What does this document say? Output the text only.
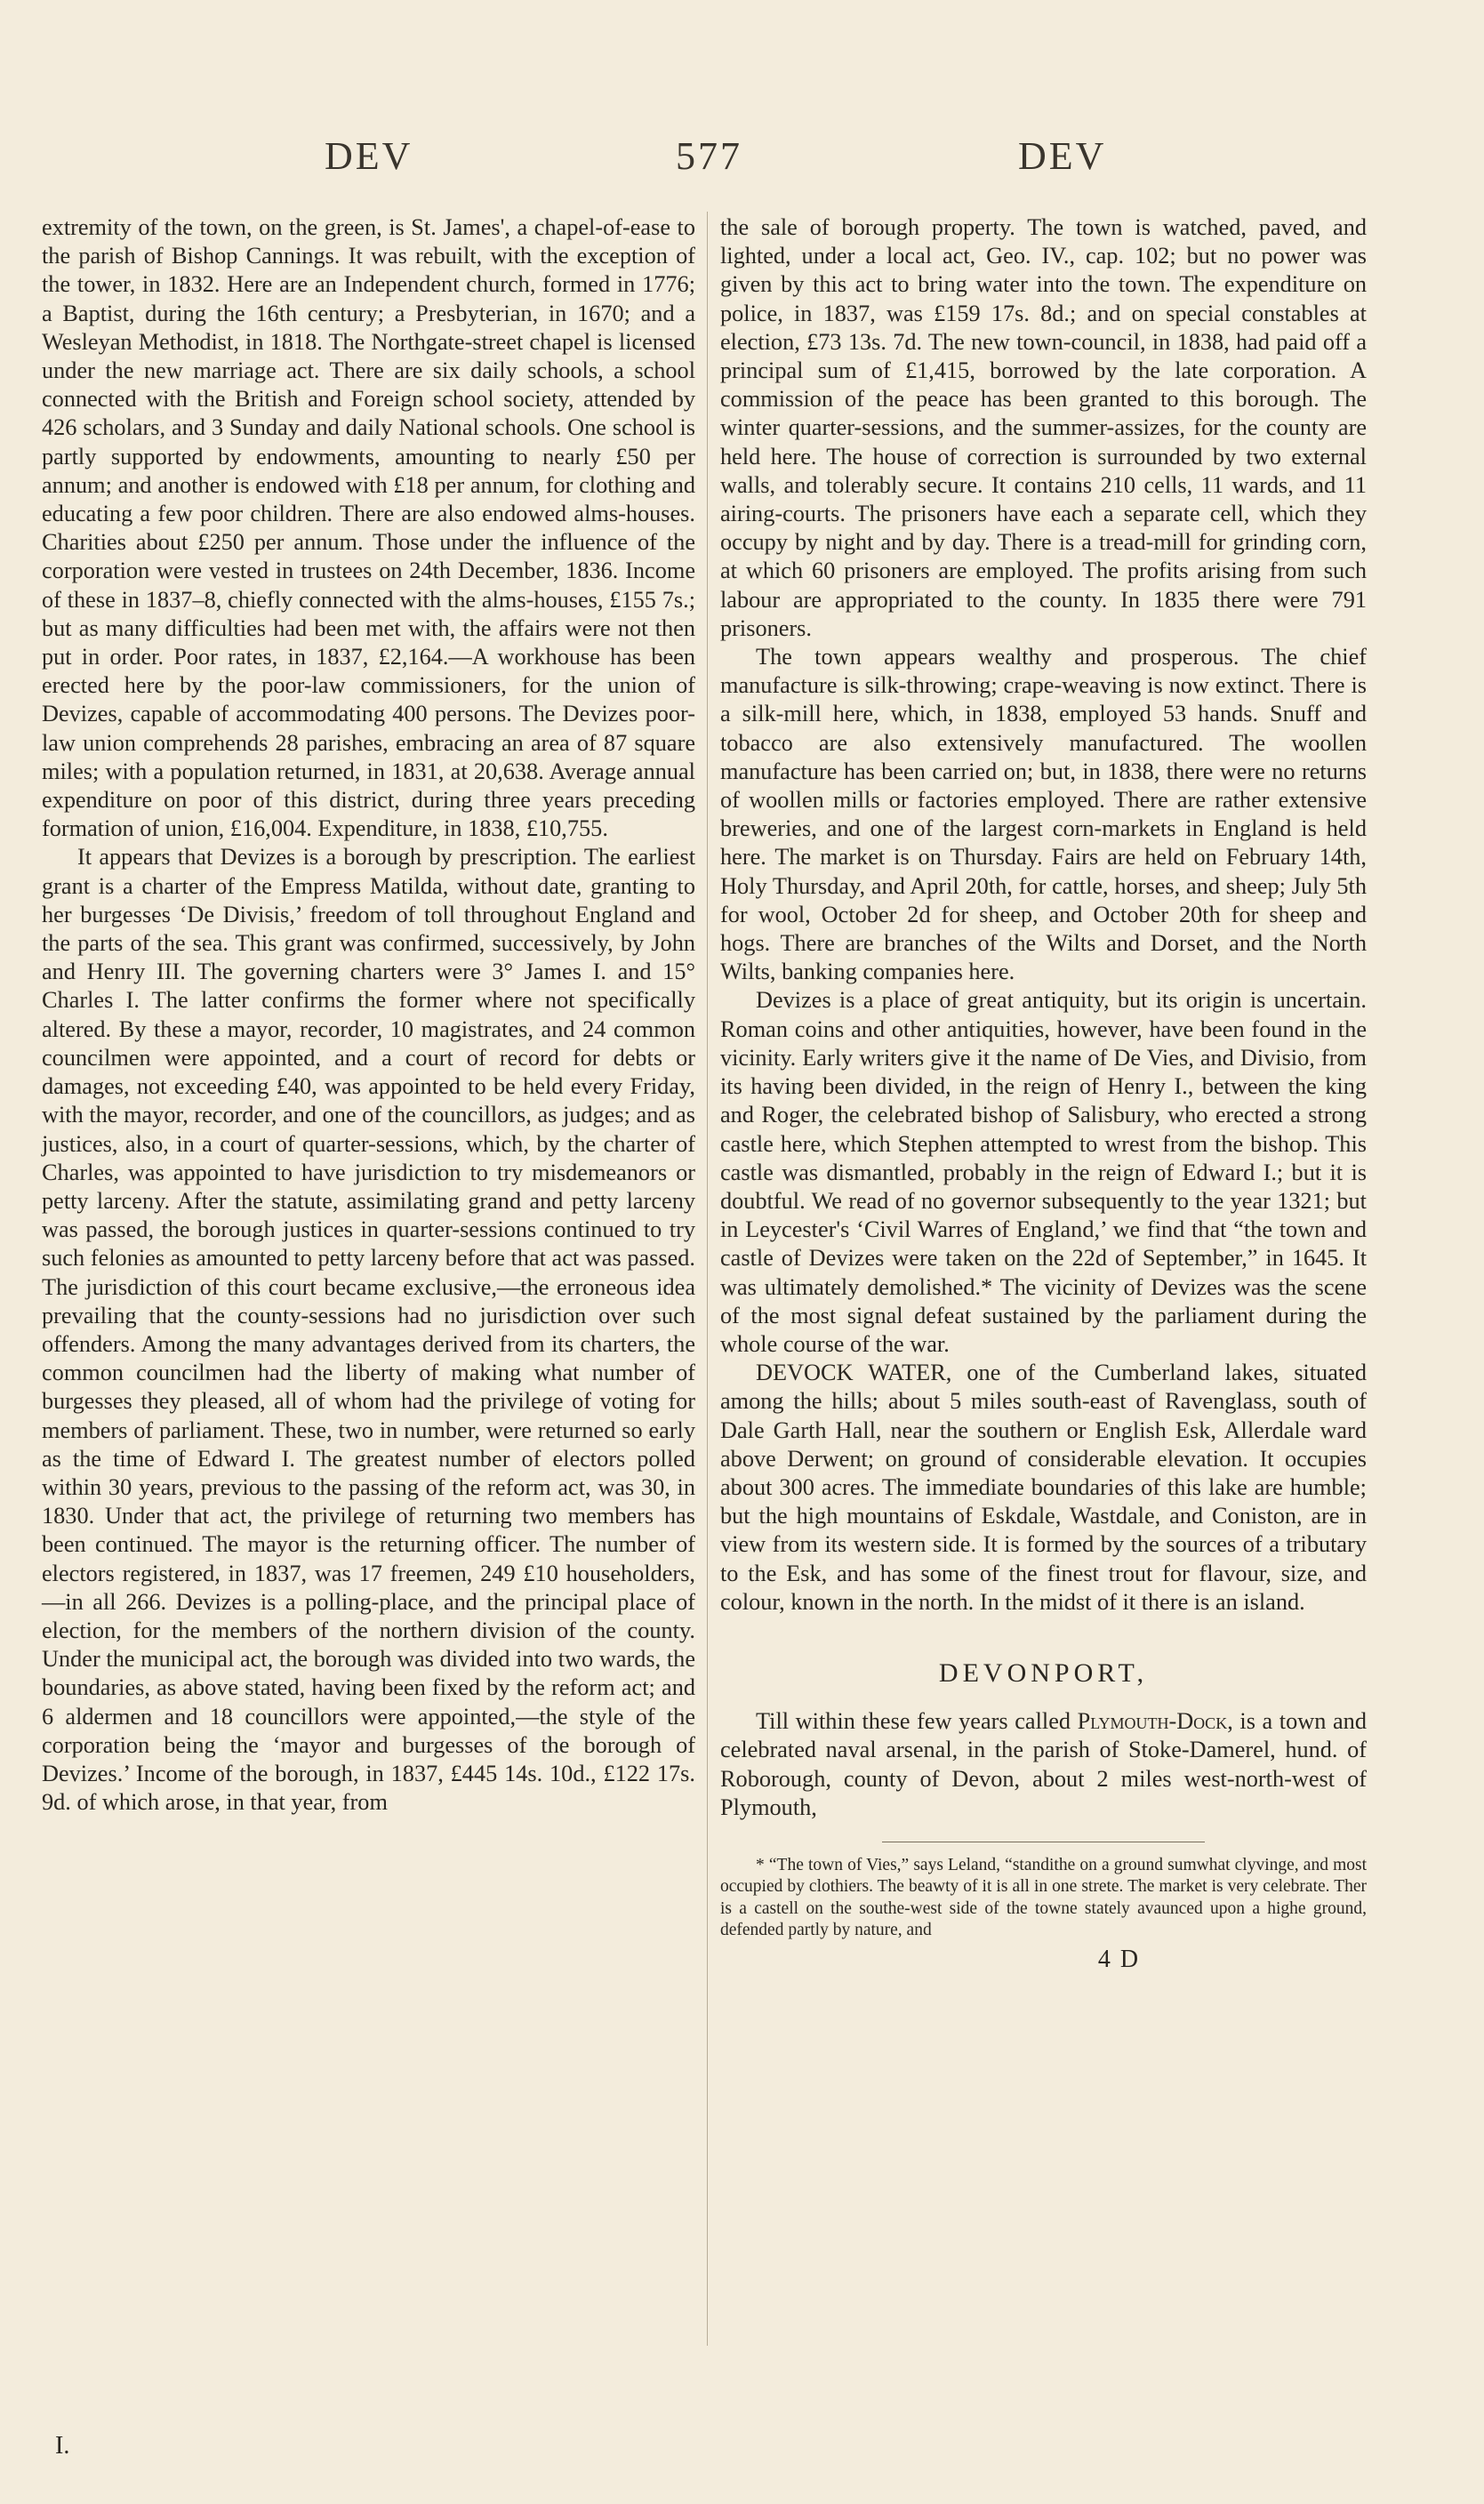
DEV	577	DEV

extremity of the town, on the green, is St. James', a chapel-of-ease to the parish of Bishop Cannings. It was rebuilt, with the exception of the tower, in 1832. Here are an Independent church, formed in 1776; a Baptist, during the 16th century; a Presbyterian, in 1670; and a Wesleyan Methodist, in 1818. The Northgate-street chapel is licensed under the new marriage act. There are six daily schools, a school connected with the British and Foreign school society, attended by 426 scholars, and 3 Sunday and daily National schools. One school is partly supported by endowments, amounting to nearly £50 per annum; and another is endowed with £18 per annum, for clothing and educating a few poor children. There are also endowed alms-houses. Charities about £250 per annum. Those under the influence of the corporation were vested in trustees on 24th December, 1836. Income of these in 1837–8, chiefly connected with the alms-houses, £155 7s.; but as many difficulties had been met with, the affairs were not then put in order. Poor rates, in 1837, £2,164.—A workhouse has been erected here by the poor-law commissioners, for the union of Devizes, capable of accommodating 400 persons. The Devizes poor-law union comprehends 28 parishes, embracing an area of 87 square miles; with a population returned, in 1831, at 20,638. Average annual expenditure on poor of this district, during three years preceding formation of union, £16,004. Expenditure, in 1838, £10,755.

It appears that Devizes is a borough by prescription. The earliest grant is a charter of the Empress Matilda, without date, granting to her burgesses ‘De Divisis,’ freedom of toll throughout England and the parts of the sea. This grant was confirmed, successively, by John and Henry III. The governing charters were 3° James I. and 15° Charles I. The latter confirms the former where not specifically altered. By these a mayor, recorder, 10 magistrates, and 24 common councilmen were appointed, and a court of record for debts or damages, not exceeding £40, was appointed to be held every Friday, with the mayor, recorder, and one of the councillors, as judges; and as justices, also, in a court of quarter-sessions, which, by the charter of Charles, was appointed to have jurisdiction to try misdemeanors or petty larceny. After the statute, assimilating grand and petty larceny was passed, the borough justices in quarter-sessions continued to try such felonies as amounted to petty larceny before that act was passed. The jurisdiction of this court became exclusive,—the erroneous idea prevailing that the county-sessions had no jurisdiction over such offenders. Among the many advantages derived from its charters, the common councilmen had the liberty of making what number of burgesses they pleased, all of whom had the privilege of voting for members of parliament. These, two in number, were returned so early as the time of Edward I. The greatest number of electors polled within 30 years, previous to the passing of the reform act, was 30, in 1830. Under that act, the privilege of returning two members has been continued. The mayor is the returning officer. The number of electors registered, in 1837, was 17 freemen, 249 £10 householders,—in all 266. Devizes is a polling-place, and the principal place of election, for the members of the northern division of the county. Under the municipal act, the borough was divided into two wards, the boundaries, as above stated, having been fixed by the reform act; and 6 aldermen and 18 councillors were appointed,—the style of the corporation being the ‘mayor and burgesses of the borough of Devizes.’ Income of the borough, in 1837, £445 14s. 10d., £122 17s. 9d. of which arose, in that year, from

I.

the sale of borough property. The town is watched, paved, and lighted, under a local act, Geo. IV., cap. 102; but no power was given by this act to bring water into the town. The expenditure on police, in 1837, was £159 17s. 8d.; and on special constables at election, £73 13s. 7d. The new town-council, in 1838, had paid off a principal sum of £1,415, borrowed by the late corporation. A commission of the peace has been granted to this borough. The winter quarter-sessions, and the summer-assizes, for the county are held here. The house of correction is surrounded by two external walls, and tolerably secure. It contains 210 cells, 11 wards, and 11 airing-courts. The prisoners have each a separate cell, which they occupy by night and by day. There is a tread-mill for grinding corn, at which 60 prisoners are employed. The profits arising from such labour are appropriated to the county. In 1835 there were 791 prisoners.

The town appears wealthy and prosperous. The chief manufacture is silk-throwing; crape-weaving is now extinct. There is a silk-mill here, which, in 1838, employed 53 hands. Snuff and tobacco are also extensively manufactured. The woollen manufacture has been carried on; but, in 1838, there were no returns of woollen mills or factories employed. There are rather extensive breweries, and one of the largest corn-markets in England is held here. The market is on Thursday. Fairs are held on February 14th, Holy Thursday, and April 20th, for cattle, horses, and sheep; July 5th for wool, October 2d for sheep, and October 20th for sheep and hogs. There are branches of the Wilts and Dorset, and the North Wilts, banking companies here.

Devizes is a place of great antiquity, but its origin is uncertain. Roman coins and other antiquities, however, have been found in the vicinity. Early writers give it the name of De Vies, and Divisio, from its having been divided, in the reign of Henry I., between the king and Roger, the celebrated bishop of Salisbury, who erected a strong castle here, which Stephen attempted to wrest from the bishop. This castle was dismantled, probably in the reign of Edward I.; but it is doubtful. We read of no governor subsequently to the year 1321; but in Leycester's ‘Civil Warres of England,’ we find that “the town and castle of Devizes were taken on the 22d of September,” in 1645. It was ultimately demolished.* The vicinity of Devizes was the scene of the most signal defeat sustained by the parliament during the whole course of the war.

DEVOCK WATER, one of the Cumberland lakes, situated among the hills; about 5 miles south-east of Ravenglass, south of Dale Garth Hall, near the southern or English Esk, Allerdale ward above Derwent; on ground of considerable elevation. It occupies about 300 acres. The immediate boundaries of this lake are humble; but the high mountains of Eskdale, Wastdale, and Coniston, are in view from its western side. It is formed by the sources of a tributary to the Esk, and has some of the finest trout for flavour, size, and colour, known in the north. In the midst of it there is an island.

DEVONPORT,

Till within these few years called Plymouth-Dock, is a town and celebrated naval arsenal, in the parish of Stoke-Damerel, hund. of Roborough, county of Devon, about 2 miles west-north-west of Plymouth,

* “The town of Vies,” says Leland, “standithe on a ground sumwhat clyvinge, and most occupied by clothiers. The beawty of it is all in one strete. The market is very celebrate. Ther is a castell on the southe-west side of the towne stately avaunced upon a highe ground, defended partly by nature, and

4 D
